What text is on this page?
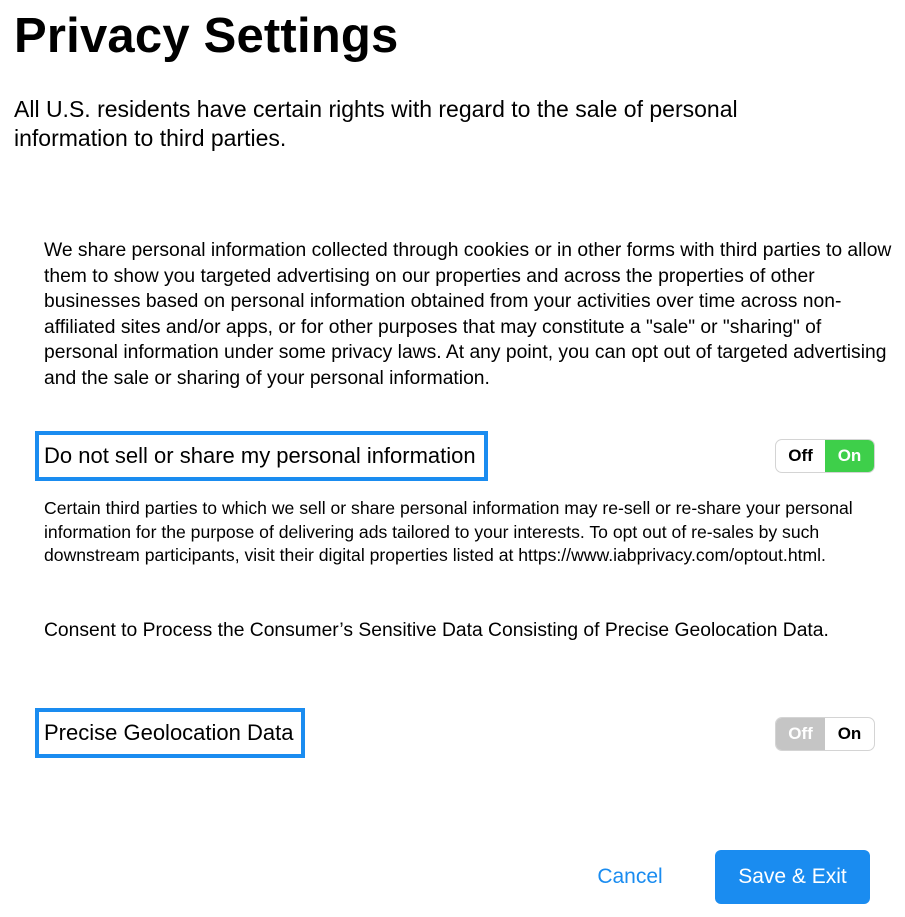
Privacy Settings

All U.S. residents have certain rights with regard to the sale of personal information to third parties.

We share personal information collected through cookies or in other forms with third parties to allow them to show you targeted advertising on our properties and across the properties of other businesses based on personal information obtained from your activities over time across non-affiliated sites and/or apps, or for other purposes that may constitute a "sale" or "sharing" of personal information under some privacy laws. At any point, you can opt out of targeted advertising and the sale or sharing of your personal information.

Do not sell or share my personal information	Off	On

Certain third parties to which we sell or share personal information may re-sell or re-share your personal information for the purpose of delivering ads tailored to your interests. To opt out of re-sales by such downstream participants, visit their digital properties listed at https://www.iabprivacy.com/optout.html.

Consent to Process the Consumer’s Sensitive Data Consisting of Precise Geolocation Data.

Precise Geolocation Data	Off	On
Cancel	Save & Exit
